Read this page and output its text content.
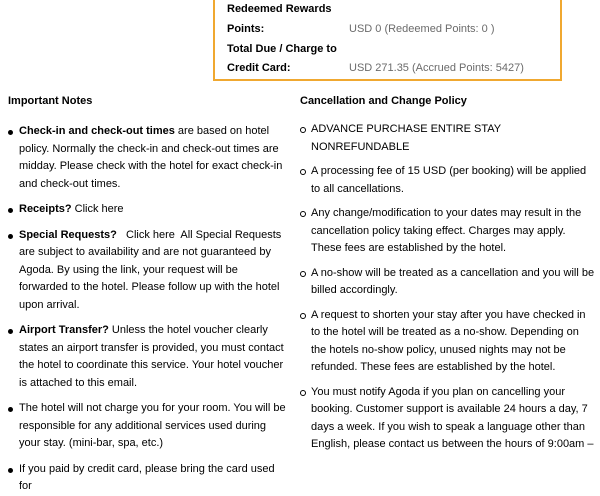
Redeemed Rewards
Points:	USD 0 (Redeemed Points: 0 )
Total Due / Charge to
Credit Card:	USD 271.35 (Accrued Points: 5427)
Important Notes
Check-in and check-out times are based on hotel policy. Normally the check-in and check-out times are midday. Please check with the hotel for exact check-in and check-out times.
Receipts? Click here
Special Requests?   Click here  All Special Requests are subject to availability and are not guaranteed by Agoda. By using the link, your request will be forwarded to the hotel. Please follow up with the hotel upon arrival.
Airport Transfer? Unless the hotel voucher clearly states an airport transfer is provided, you must contact the hotel to coordinate this service. Your hotel voucher is attached to this email.
The hotel will not charge you for your room. You will be responsible for any additional services used during your stay. (mini-bar, spa, etc.)
If you paid by credit card, please bring the card used for
Cancellation and Change Policy
ADVANCE PURCHASE ENTIRE STAY NONREFUNDABLE
A processing fee of 15 USD (per booking) will be applied to all cancellations.
Any change/modification to your dates may result in the cancellation policy taking effect. Charges may apply. These fees are established by the hotel.
A no-show will be treated as a cancellation and you will be billed accordingly.
A request to shorten your stay after you have checked in to the hotel will be treated as a no-show. Depending on the hotels no-show policy, unused nights may not be refunded. These fees are established by the hotel.
You must notify Agoda if you plan on cancelling your booking. Customer support is available 24 hours a day, 7 days a week. If you wish to speak a language other than English, please contact us between the hours of 9:00am –
